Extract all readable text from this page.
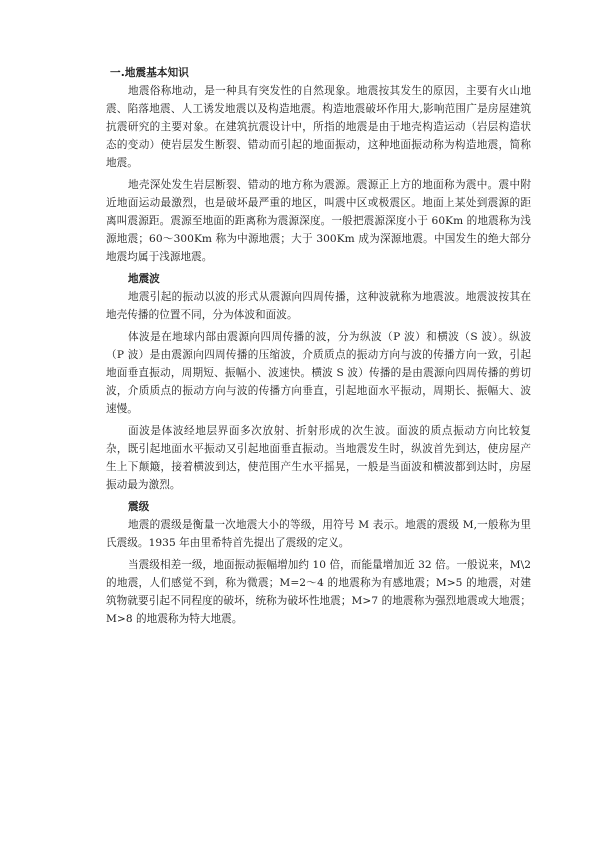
一.地震基本知识

地震俗称地动，是一种具有突发性的自然现象。地震按其发生的原因，主要有火山地震、陷落地震、人工诱发地震以及构造地震。构造地震破坏作用大,影响范围广是房屋建筑抗震研究的主要对象。在建筑抗震设计中，所指的地震是由于地壳构造运动（岩层构造状态的变动）使岩层发生断裂、错动而引起的地面振动，这种地面振动称为构造地震，简称地震。

地壳深处发生岩层断裂、错动的地方称为震源。震源正上方的地面称为震中。震中附近地面运动最激烈，也是破坏最严重的地区，叫震中区或极震区。地面上某处到震源的距离叫震源距。震源至地面的距离称为震源深度。一般把震源深度小于 60Km 的地震称为浅源地震；60～300Km 称为中源地震；大于 300Km 成为深源地震。中国发生的绝大部分地震均属于浅源地震。

地震波

地震引起的振动以波的形式从震源向四周传播，这种波就称为地震波。地震波按其在地壳传播的位置不同，分为体波和面波。

体波是在地球内部由震源向四周传播的波，分为纵波（P 波）和横波（S 波）。纵波（P 波）是由震源向四周传播的压缩波，介质质点的振动方向与波的传播方向一致，引起地面垂直振动，周期短、振幅小、波速快。横波 S 波）传播的是由震源向四周传播的剪切波，介质质点的振动方向与波的传播方向垂直，引起地面水平振动，周期长、振幅大、波速慢。

面波是体波经地层界面多次放射、折射形成的次生波。面波的质点振动方向比较复杂，既引起地面水平振动又引起地面垂直振动。当地震发生时，纵波首先到达，使房屋产生上下颠簸，接着横波到达，使范围产生水平摇晃，一般是当面波和横波都到达时，房屋振动最为激烈。

震级

地震的震级是衡量一次地震大小的等级，用符号 M 表示。地震的震级 M,一般称为里氏震级。1935 年由里希特首先提出了震级的定义。

当震级相差一级，地面振动振幅增加约 10 倍，而能量增加近 32 倍。一般说来，M\2 的地震，人们感觉不到，称为微震；M=2～4 的地震称为有感地震；M>5 的地震，对建筑物就要引起不同程度的破坏，统称为破坏性地震；M>7 的地震称为强烈地震或大地震；M>8 的地震称为特大地震。
